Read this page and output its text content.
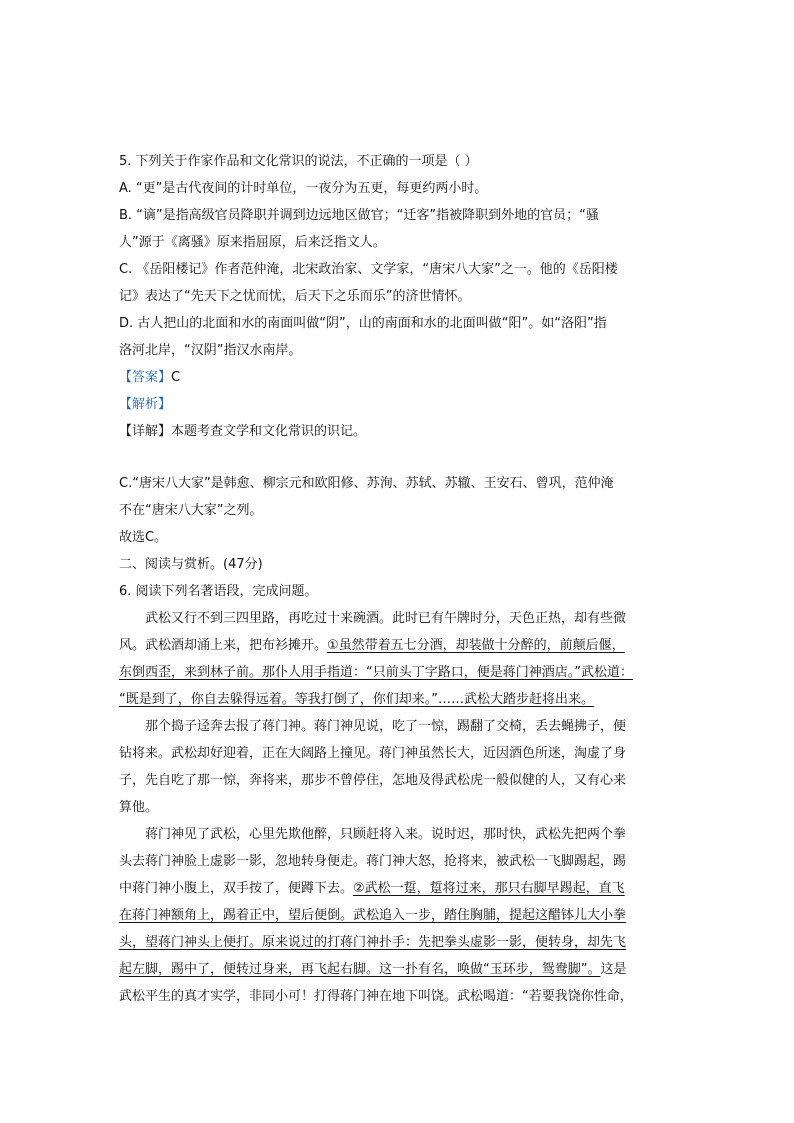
5. 下列关于作家作品和文化常识的说法，不正确的一项是（ ）
A. “更”是古代夜间的计时单位，一夜分为五更，每更约两小时。
B. “谪”是指高级官员降职并调到边远地区做官；“迁客”指被降职到外地的官员；“骚
人”源于《离骚》原来指屈原，后来泛指文人。
C. 《岳阳楼记》作者范仲淹，北宋政治家、文学家，“唐宋八大家”之一。他的《岳阳楼
记》表达了“先天下之忧而忧，后天下之乐而乐”的济世情怀。
D. 古人把山的北面和水的南面叫做“阴”，山的南面和水的北面叫做“阳”。如“洛阳”指
洛河北岸，“汉阴”指汉水南岸。
【答案】C
【解析】
【详解】本题考查文学和文化常识的识记。
C.“唐宋八大家”是韩愈、柳宗元和欧阳修、苏洵、苏轼、苏辙、王安石、曾巩，范仲淹
不在“唐宋八大家”之列。
故选C。
二、阅读与赏析。(47分)
6. 阅读下列名著语段，完成问题。
武松又行不到三四里路，再吃过十来碗酒。此时已有午牌时分，天色正热，却有些微
风。武松酒却涌上来，把布衫摊开。①虽然带着五七分酒，却装做十分醉的，前颠后偃，
东倒西歪，来到林子前。那仆人用手指道：“只前头丁字路口，便是蒋门神酒店。”武松道：
“既是到了，你自去躲得远着。等我打倒了，你们却来。”……武松大踏步赶将出来。
那个捣子迳奔去报了蒋门神。蒋门神见说，吃了一惊，踢翻了交椅，丢去蝇拂子，便
钻将来。武松却好迎着，正在大阔路上撞见。蒋门神虽然长大，近因酒色所迷，淘虚了身
子，先自吃了那一惊，奔将来，那步不曾停住，怎地及得武松虎一般似健的人，又有心来
算他。
蒋门神见了武松，心里先欺他醉，只顾赶将入来。说时迟，那时快，武松先把两个拳
头去蒋门神脸上虚影一影，忽地转身便走。蒋门神大怒，抢将来，被武松一飞脚踢起，踢
中蒋门神小腹上，双手按了，便蹲下去。②武松一踅，踅将过来，那只右脚早踢起，直飞
在蒋门神额角上，踢着正中，望后便倒。武松追入一步，踏住胸脯，提起这醋钵儿大小拳
头，望蒋门神头上便打。原来说过的打蒋门神扑手：先把拳头虚影一影，便转身，却先飞
起左脚，踢中了，便转过身来，再飞起右脚。这一扑有名，唤做“玉环步，鸳鸯脚”。这是
武松平生的真才实学，非同小可！打得蒋门神在地下叫饶。武松喝道：“若要我饶你性命，
